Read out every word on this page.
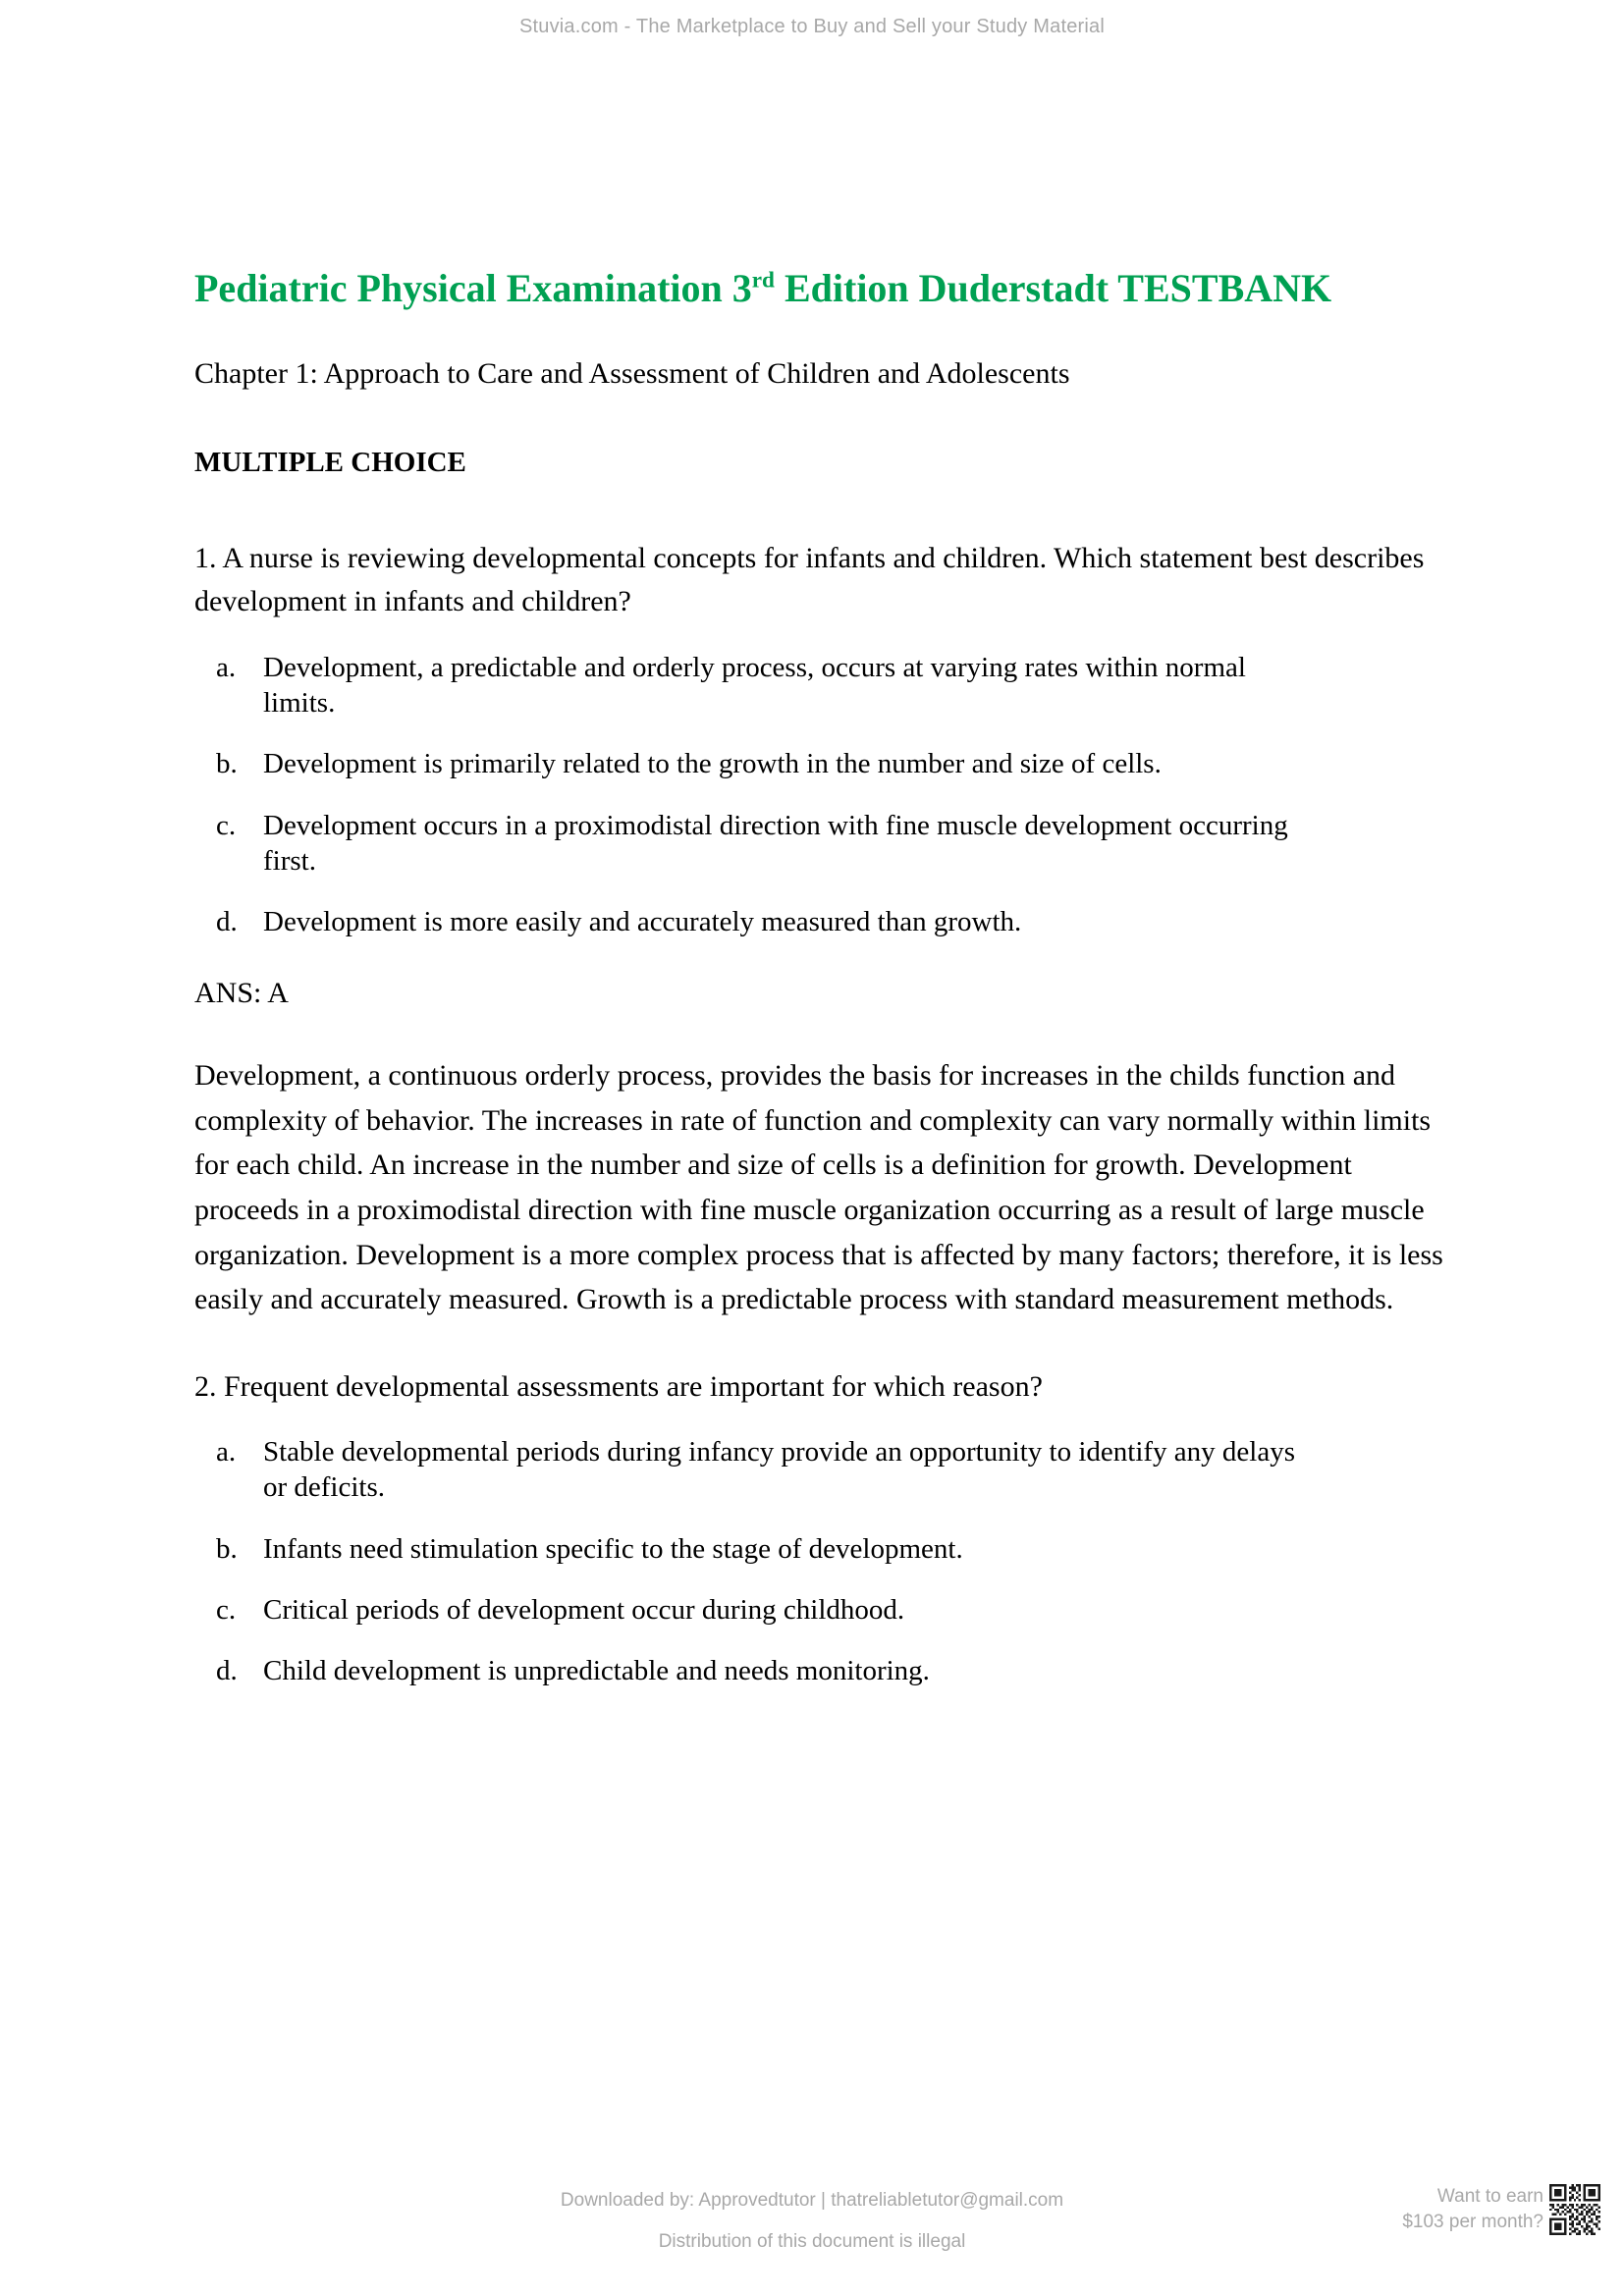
Stuvia.com - The Marketplace to Buy and Sell your Study Material
Pediatric Physical Examination 3rd Edition Duderstadt TESTBANK

Chapter 1: Approach to Care and Assessment of Children and Adolescents

MULTIPLE CHOICE

1. A nurse is reviewing developmental concepts for infants and children. Which statement best describes development in infants and children?

a. Development, a predictable and orderly process, occurs at varying rates within normal limits.
b. Development is primarily related to the growth in the number and size of cells.
c. Development occurs in a proximodistal direction with fine muscle development occurring first.
d. Development is more easily and accurately measured than growth.

ANS: A

Development, a continuous orderly process, provides the basis for increases in the childs function and complexity of behavior. The increases in rate of function and complexity can vary normally within limits for each child. An increase in the number and size of cells is a definition for growth. Development proceeds in a proximodistal direction with fine muscle organization occurring as a result of large muscle organization. Development is a more complex process that is affected by many factors; therefore, it is less easily and accurately measured. Growth is a predictable process with standard measurement methods.

2. Frequent developmental assessments are important for which reason?

a. Stable developmental periods during infancy provide an opportunity to identify any delays or deficits.
b. Infants need stimulation specific to the stage of development.
c. Critical periods of development occur during childhood.
d. Child development is unpredictable and needs monitoring.
Downloaded by: Approvedtutor | thatreliabletutor@gmail.com
Distribution of this document is illegal
Want to earn
$103 per month?
